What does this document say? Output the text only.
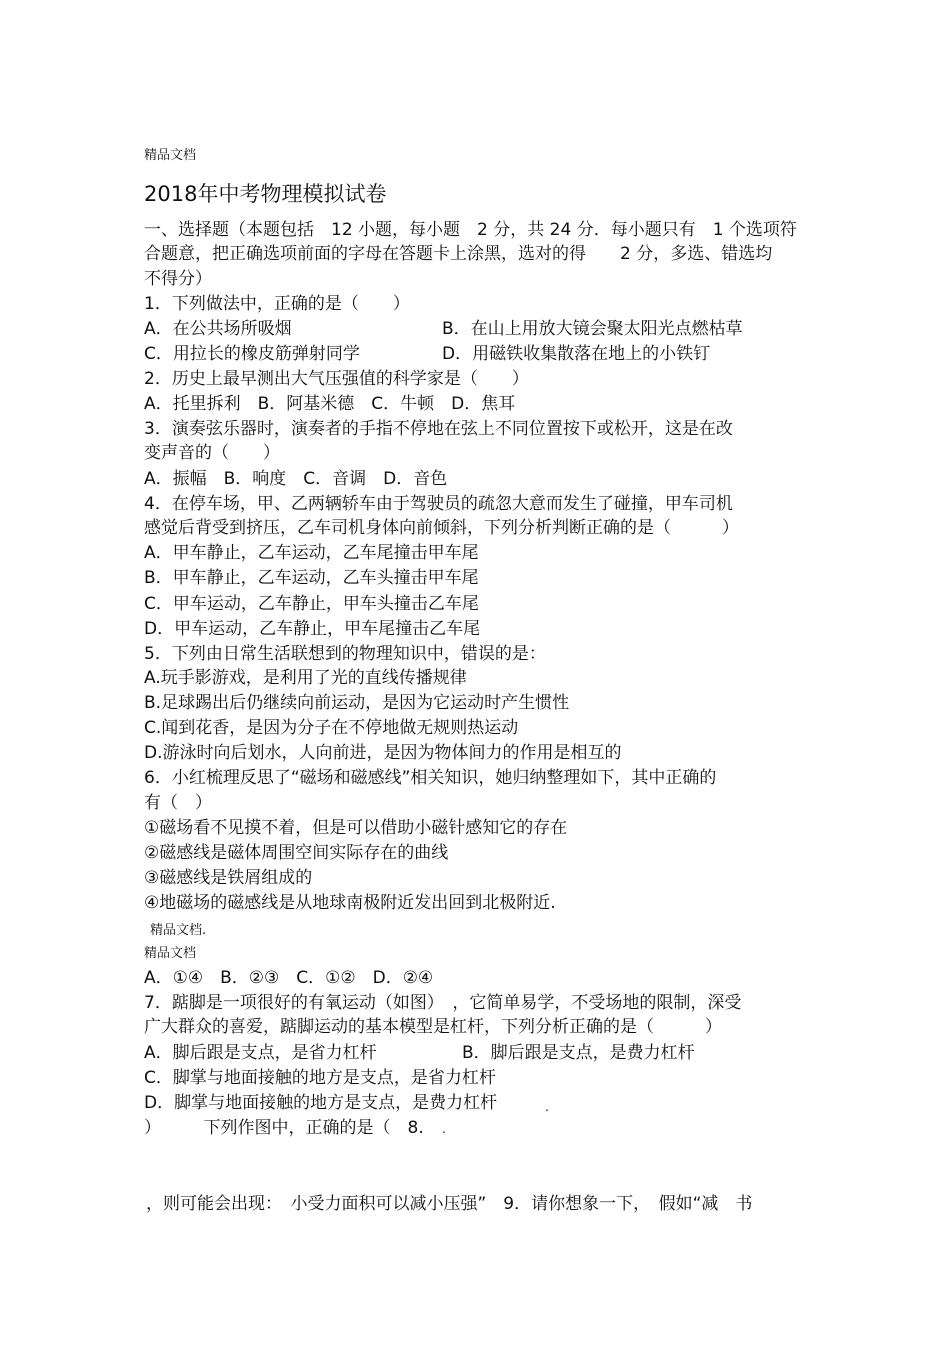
精品文档
2018年中考物理模拟试卷
一、选择题（本题包括　12 小题，每小题　2 分，共 24 分．每小题只有　1 个选项符
合题意，把正确选项前面的字母在答题卡上涂黑，选对的得　　2 分，多选、错选均
不得分）
1．下列做法中，正确的是（　　）
A．在公共场所吸烟	B．在山上用放大镜会聚太阳光点燃枯草
C．用拉长的橡皮筋弹射同学	D．用磁铁收集散落在地上的小铁钉
2．历史上最早测出大气压强值的科学家是（　　）
A．托里拆利　B．阿基米德　C．牛顿　D．焦耳
3．演奏弦乐器时，演奏者的手指不停地在弦上不同位置按下或松开，这是在改
变声音的（　　）
A．振幅　B．响度　C．音调　D．音色
4．在停车场，甲、乙两辆轿车由于驾驶员的疏忽大意而发生了碰撞，甲车司机
感觉后背受到挤压，乙车司机身体向前倾斜，下列分析判断正确的是（　　　）
A．甲车静止，乙车运动，乙车尾撞击甲车尾
B．甲车静止，乙车运动，乙车头撞击甲车尾
C．甲车运动，乙车静止，甲车头撞击乙车尾
D．甲车运动，乙车静止，甲车尾撞击乙车尾
5．下列由日常生活联想到的物理知识中，错误的是：
A.玩手影游戏，是利用了光的直线传播规律
B.足球踢出后仍继续向前运动，是因为它运动时产生惯性
C.闻到花香，是因为分子在不停地做无规则热运动
D.游泳时向后划水，人向前进，是因为物体间力的作用是相互的
6．小红梳理反思了“磁场和磁感线”相关知识，她归纳整理如下，其中正确的
有（　）
①磁场看不见摸不着，但是可以借助小磁针感知它的存在
②磁感线是磁体周围空间实际存在的曲线
③磁感线是铁屑组成的
④地磁场的磁感线是从地球南极附近发出回到北极附近.
精品文档.
精品文档
A．①④　B．②③　C．①②　D．②④
7．踮脚是一项很好的有氧运动（如图）　，它简单易学，不受场地的限制，深受
广大群众的喜爱，踮脚运动的基本模型是杠杆，下列分析正确的是（　　　）
A．脚后跟是支点，是省力杠杆	B．脚后跟是支点，是费力杠杆
C．脚掌与地面接触的地方是支点，是省力杠杆
D．脚掌与地面接触的地方是支点，是费力杠杆
）　　　下列作图中，正确的是（　8.
.
.
，则可能会出现：　小受力面积可以减小压强”　9．请你想象一下，　假如“减　书
